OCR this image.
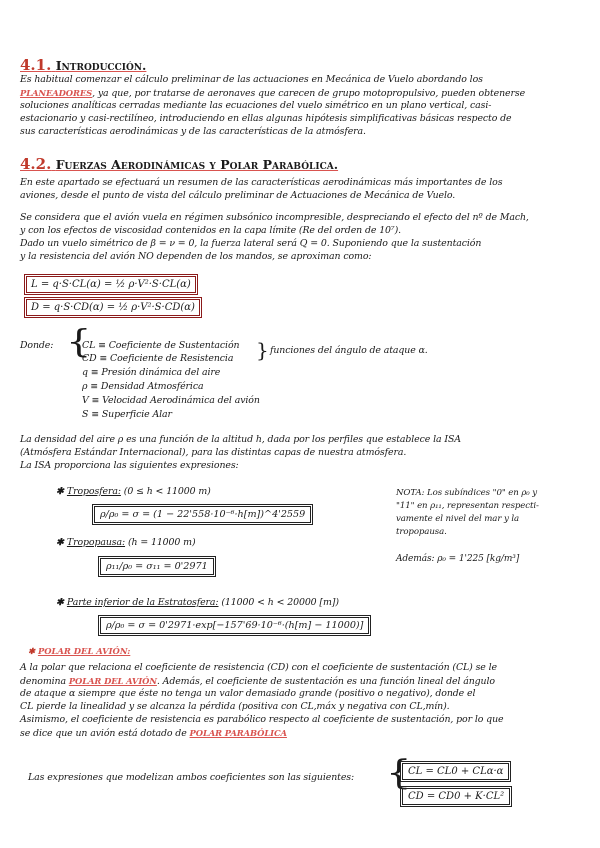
4.1. Introducción.
Es habitual comenzar el cálculo preliminar de las actuaciones en Mecánica de Vuelo abordando los
PLANEADORES, ya que, por tratarse de aeronaves que carecen de grupo motopropulsivo, pueden obtenerse
soluciones analíticas cerradas mediante las ecuaciones del vuelo simétrico en un plano vertical, casi-
estacionario y casi-rectilíneo, introduciendo en ellas algunas hipótesis simplificativas básicas respecto de
sus características aerodinámicas y de las características de la atmósfera.
4.2. Fuerzas Aerodinámicas y Polar Parabólica.
En este apartado se efectuará un resumen de las características aerodinámicas más importantes de los
aviones, desde el punto de vista del cálculo preliminar de Actuaciones de Mecánica de Vuelo.
Se considera que el avión vuela en régimen subsónico incompresible, despreciando el efecto del nº de Mach,
y con los efectos de viscosidad contenidos en la capa límite (Re del orden de 10⁷).
Dado un vuelo simétrico de β = ν = 0, la fuerza lateral será Q = 0. Suponiendo que la sustentación
y la resistencia del avión NO dependen de los mandos, se aproximan como:
L = q·S·CL(α) = ½ ρ·V²·S·CL(α)
D = q·S·CD(α) = ½ ρ·V²·S·CD(α)
Donde: {
CL ≡ Coeficiente de Sustentación
CD ≡ Coeficiente de Resistencia
q ≡ Presión dinámica del aire
ρ ≡ Densidad Atmosférica
V ≡ Velocidad Aerodinámica del avión
S ≡ Superficie Alar
} funciones del ángulo de ataque α.
La densidad del aire ρ es una función de la altitud h, dada por los perfiles que establece la ISA
(Atmósfera Estándar Internacional), para las distintas capas de nuestra atmósfera.
La ISA proporciona las siguientes expresiones:
✱ Troposfera: (0 ≤ h < 11000 m)
ρ/ρ₀ = σ = (1 − 22'558·10⁻⁶·h[m])^4'2559
✱ Tropopausa: (h = 11000 m)
ρ₁₁/ρ₀ = σ₁₁ = 0'2971
✱ Parte inferior de la Estratosfera: (11000 < h < 20000 [m])
ρ/ρ₀ = σ = 0'2971·exp[−157'69·10⁻⁶·(h[m] − 11000)]
NOTA: Los subíndices "0" en ρ₀ y
"11" en ρ₁₁, representan respecti-
vamente el nivel del mar y la
tropopausa.
Además: ρ₀ = 1'225 [kg/m³]
✱ POLAR DEL AVIÓN:
A la polar que relaciona el coeficiente de resistencia (CD) con el coeficiente de sustentación (CL) se le
denomina POLAR DEL AVIÓN. Además, el coeficiente de sustentación es una función lineal del ángulo
de ataque α siempre que éste no tenga un valor demasiado grande (positivo o negativo), donde el
CL pierde la linealidad y se alcanza la pérdida (positiva con CL,máx y negativa con CL,mín).
Asimismo, el coeficiente de resistencia es parabólico respecto al coeficiente de sustentación, por lo que
se dice que un avión está dotado de POLAR PARABÓLICA
Las expresiones que modelizan ambos coeficientes son las siguientes: {
CL = CL0 + CLα·α
CD = CD0 + K·CL²
